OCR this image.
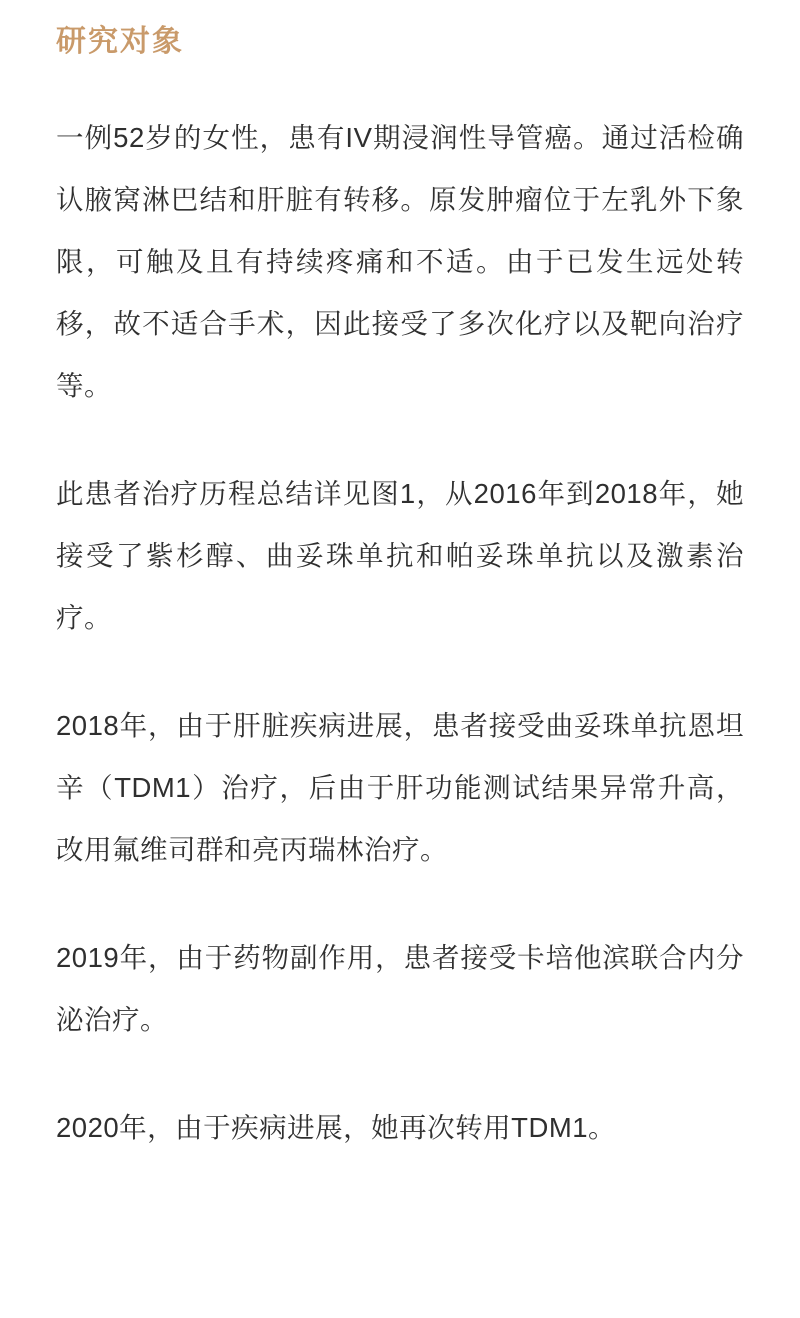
研究对象

一例52岁的女性，患有IV期浸润性导管癌。通过活检确认腋窝淋巴结和肝脏有转移。原发肿瘤位于左乳外下象限，可触及且有持续疼痛和不适。由于已发生远处转移，故不适合手术，因此接受了多次化疗以及靶向治疗等。

此患者治疗历程总结详见图1，从2016年到2018年，她接受了紫杉醇、曲妥珠单抗和帕妥珠单抗以及激素治疗。

2018年，由于肝脏疾病进展，患者接受曲妥珠单抗恩坦辛（TDM1）治疗，后由于肝功能测试结果异常升高，改用氟维司群和亮丙瑞林治疗。

2019年，由于药物副作用，患者接受卡培他滨联合内分泌治疗。

2020年，由于疾病进展，她再次转用TDM1。
